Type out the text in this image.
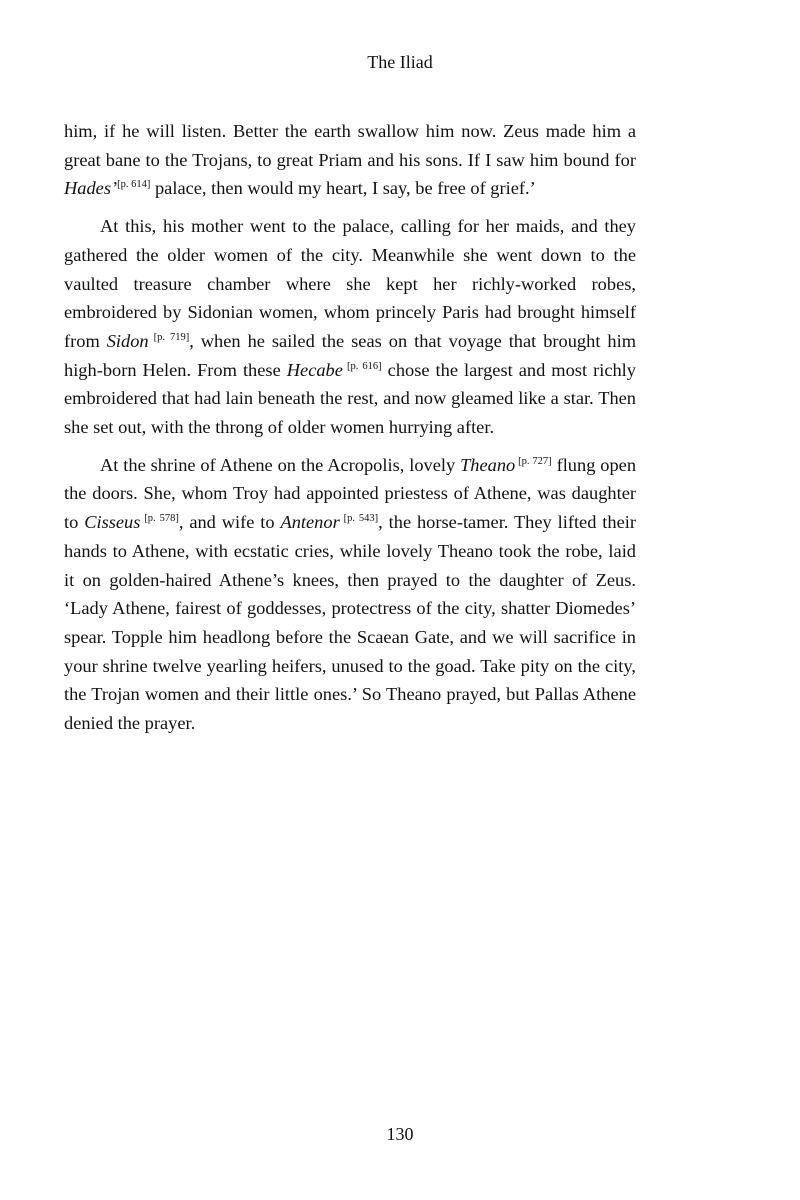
The Iliad

him, if he will listen. Better the earth swallow him now. Zeus made him a great bane to the Trojans, to great Priam and his sons. If I saw him bound for Hades’[p. 614] palace, then would my heart, I say, be free of grief.’

At this, his mother went to the palace, calling for her maids, and they gathered the older women of the city. Meanwhile she went down to the vaulted treasure chamber where she kept her richly-worked robes, embroidered by Sidonian women, whom princely Paris had brought himself from Sidon [p. 719], when he sailed the seas on that voyage that brought him high-born Helen. From these Hecabe [p. 616] chose the largest and most richly embroidered that had lain beneath the rest, and now gleamed like a star. Then she set out, with the throng of older women hurrying after.

At the shrine of Athene on the Acropolis, lovely Theano [p. 727] flung open the doors. She, whom Troy had appointed priestess of Athene, was daughter to Cisseus [p. 578], and wife to Antenor [p. 543], the horse-tamer. They lifted their hands to Athene, with ecstatic cries, while lovely Theano took the robe, laid it on golden-haired Athene’s knees, then prayed to the daughter of Zeus. ‘Lady Athene, fairest of goddesses, protectress of the city, shatter Diomedes’ spear. Topple him headlong before the Scaean Gate, and we will sacrifice in your shrine twelve yearling heifers, unused to the goad. Take pity on the city, the Trojan women and their little ones.’ So Theano prayed, but Pallas Athene denied the prayer.

130
